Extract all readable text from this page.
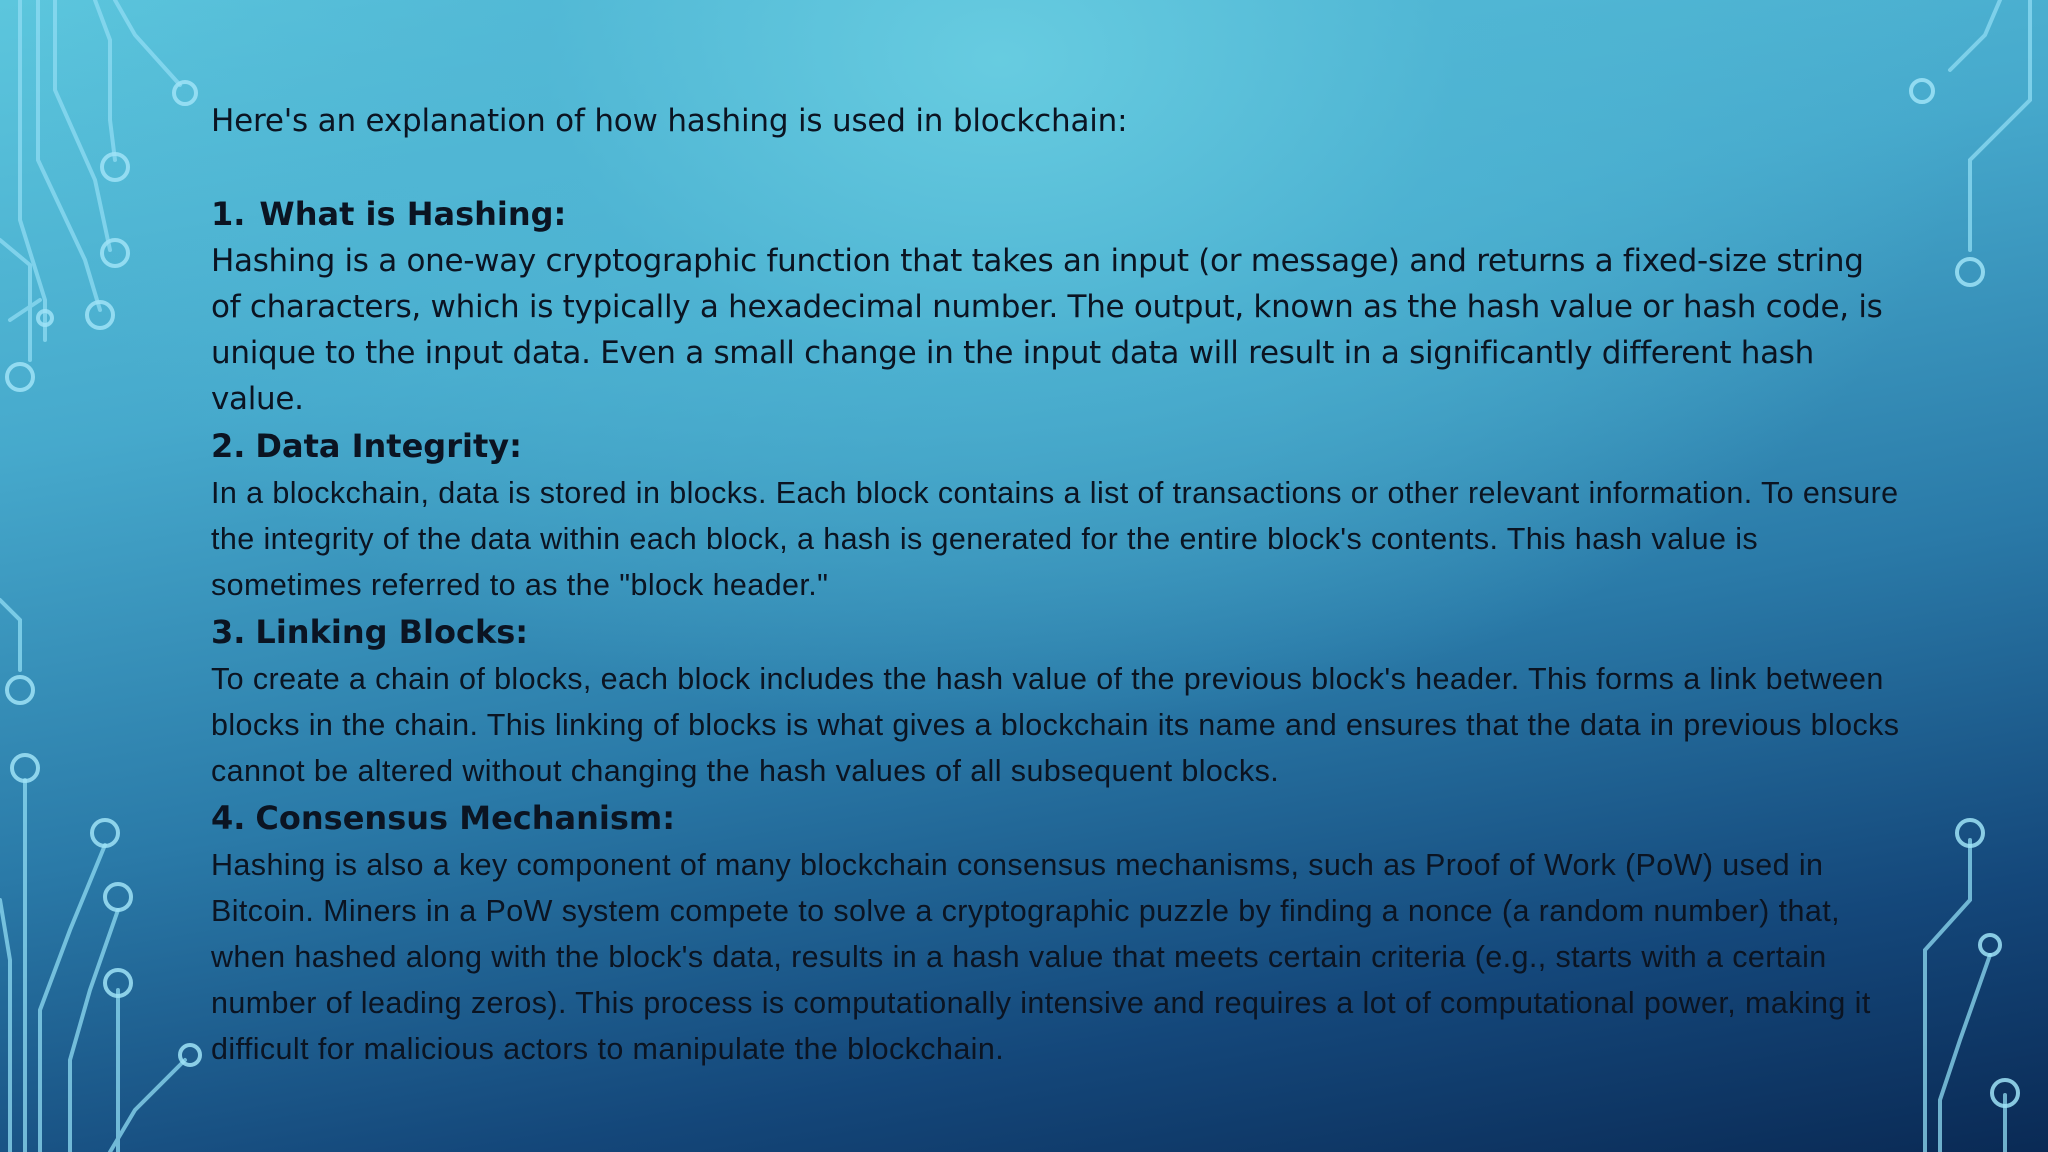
Here's an explanation of how hashing is used in blockchain:

1. What is Hashing:

Hashing is a one-way cryptographic function that takes an input (or message) and returns a fixed-size string of characters, which is typically a hexadecimal number. The output, known as the hash value or hash code, is unique to the input data. Even a small change in the input data will result in a significantly different hash value.

2. Data Integrity:

In a blockchain, data is stored in blocks. Each block contains a list of transactions or other relevant information. To ensure the integrity of the data within each block, a hash is generated for the entire block's contents. This hash value is sometimes referred to as the "block header."

3. Linking Blocks:

To create a chain of blocks, each block includes the hash value of the previous block's header. This forms a link between blocks in the chain. This linking of blocks is what gives a blockchain its name and ensures that the data in previous blocks cannot be altered without changing the hash values of all subsequent blocks.

4. Consensus Mechanism:

Hashing is also a key component of many blockchain consensus mechanisms, such as Proof of Work (PoW) used in Bitcoin. Miners in a PoW system compete to solve a cryptographic puzzle by finding a nonce (a random number) that, when hashed along with the block's data, results in a hash value that meets certain criteria (e.g., starts with a certain number of leading zeros). This process is computationally intensive and requires a lot of computational power, making it difficult for malicious actors to manipulate the blockchain.
